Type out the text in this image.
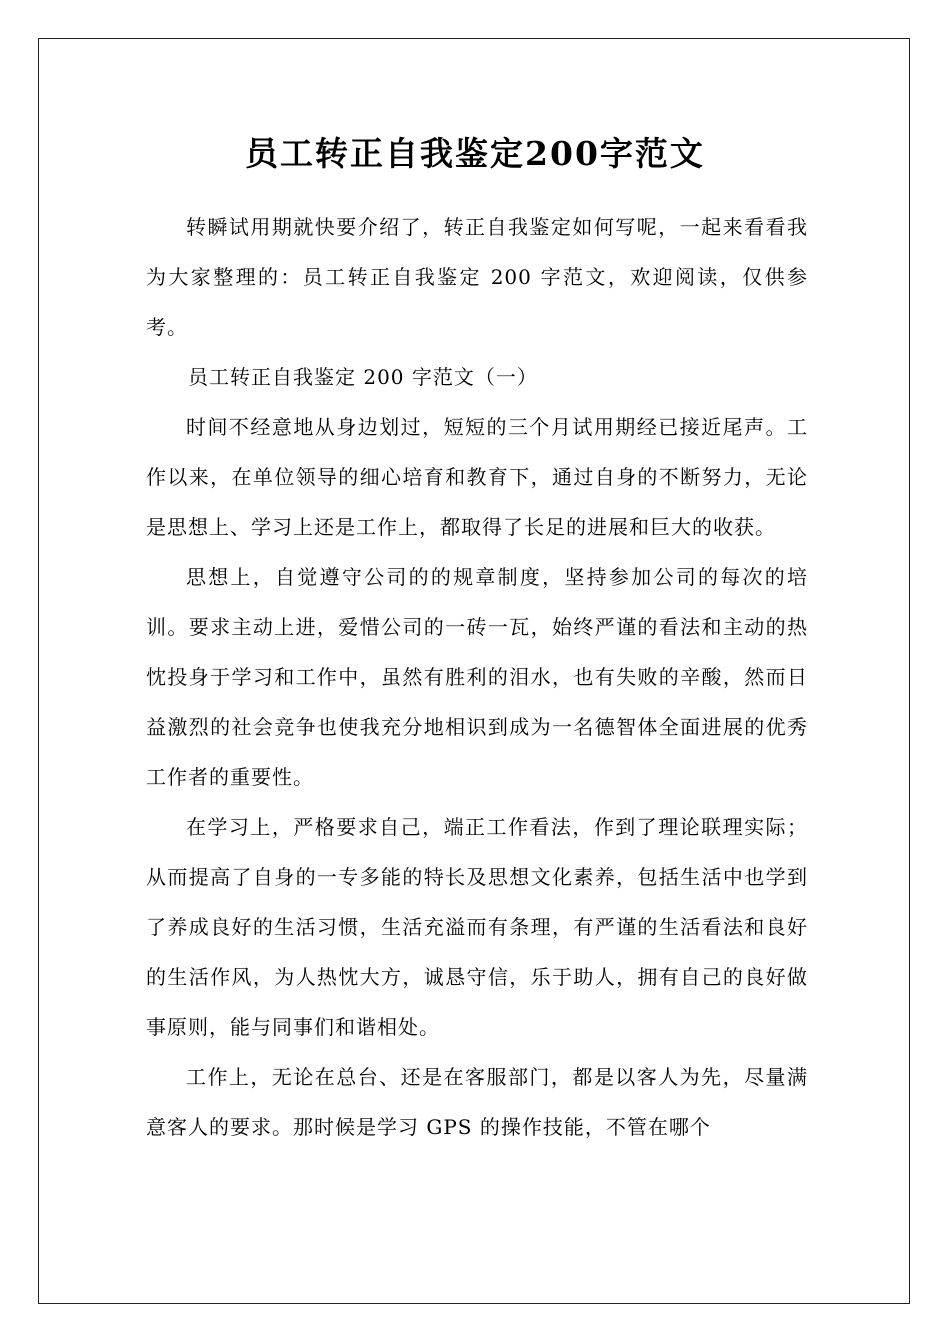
员工转正自我鉴定200字范文

转瞬试用期就快要介绍了，转正自我鉴定如何写呢，一起来看看我为大家整理的：员工转正自我鉴定 200 字范文，欢迎阅读，仅供参考。

员工转正自我鉴定 200 字范文（一）

时间不经意地从身边划过，短短的三个月试用期经已接近尾声。工作以来，在单位领导的细心培育和教育下，通过自身的不断努力，无论是思想上、学习上还是工作上，都取得了长足的进展和巨大的收获。

思想上，自觉遵守公司的的规章制度，坚持参加公司的每次的培训。要求主动上进，爱惜公司的一砖一瓦，始终严谨的看法和主动的热忱投身于学习和工作中，虽然有胜利的泪水，也有失败的辛酸，然而日益激烈的社会竞争也使我充分地相识到成为一名德智体全面进展的优秀工作者的重要性。

在学习上，严格要求自己，端正工作看法，作到了理论联理实际；从而提高了自身的一专多能的特长及思想文化素养，包括生活中也学到了养成良好的生活习惯，生活充溢而有条理，有严谨的生活看法和良好的生活作风，为人热忱大方，诚恳守信，乐于助人，拥有自己的良好做事原则，能与同事们和谐相处。

工作上，无论在总台、还是在客服部门，都是以客人为先，尽量满意客人的要求。那时候是学习 GPS 的操作技能，不管在哪个
